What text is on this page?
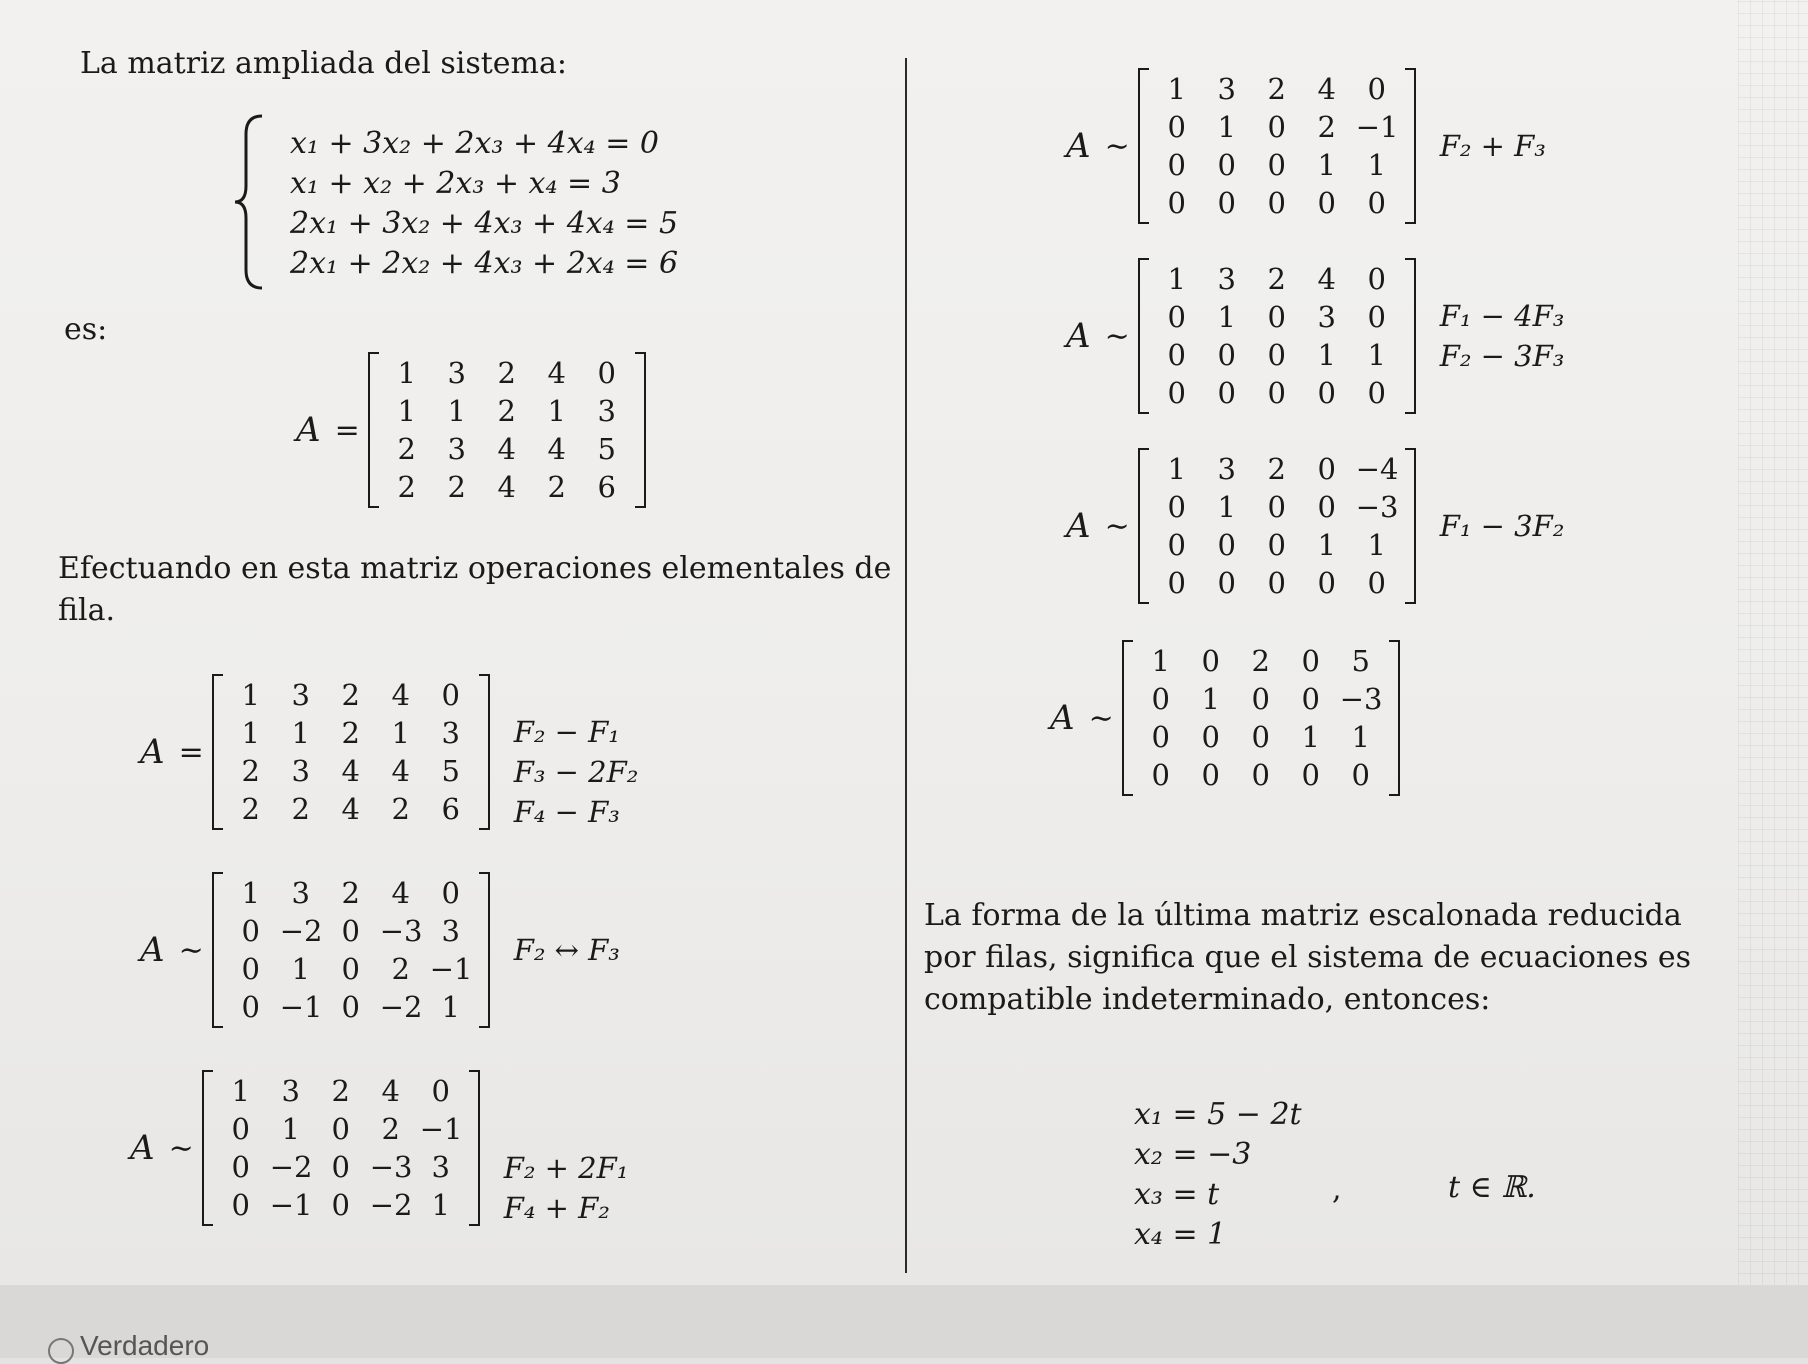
La matriz ampliada del sistema:
x₁ + 3x₂ + 2x₃ + 4x₄ = 0
x₁ + x₂ + 2x₃ + x₄ = 3
2x₁ + 3x₂ + 4x₃ + 4x₄ = 5
2x₁ + 2x₂ + 4x₃ + 2x₄ = 6
es:
Efectuando en esta matriz operaciones elementales de fila.
La forma de la última matriz escalonada reducida por filas, significa que el sistema de ecuaciones es compatible indeterminado, entonces:
A =
1	3	2	4	0
1	1	2	1	3
2	3	4	4	5
2	2	4	2	6
A =
1	3	2	4	0
1	1	2	1	3
2	3	4	4	5
2	2	4	2	6
F₂ − F₁
F₃ − 2F₂
F₄ − F₃
A ∼
1	3	2	4	0
0 −2 0 −3 3
0	1	0	2 −1
0 −1 0 −2 1
F₂ ↔ F₃
A ∼
1	3	2	4	0
0	1	0	2 −1
0 −2 0 −3 3
0 −1 0 −2 1
F₂ + 2F₁
F₄ + F₂
A ∼
1	3	2	4	0
0	1	0	2 −1
0	0	0	1	1
0	0	0	0	0
F₂ + F₃
A ∼
1	3	2	4	0
0	1	0	3	0
0	0	0	1	1
0	0	0	0	0
F₁ − 4F₃
F₂ − 3F₃
A ∼
1	3	2	0 −4
0	1	0	0 −3
0	0	0	1	1
0	0	0	0	0
F₁ − 3F₂
A ∼
1	0	2	0	5
0	1	0	0 −3
0	0	0	1	1
0	0	0	0	0
x₁ = 5 − 2t
x₂ = −3
x₃ = t
x₄ = 1
,	t ∈ ℝ.
Verdadero
